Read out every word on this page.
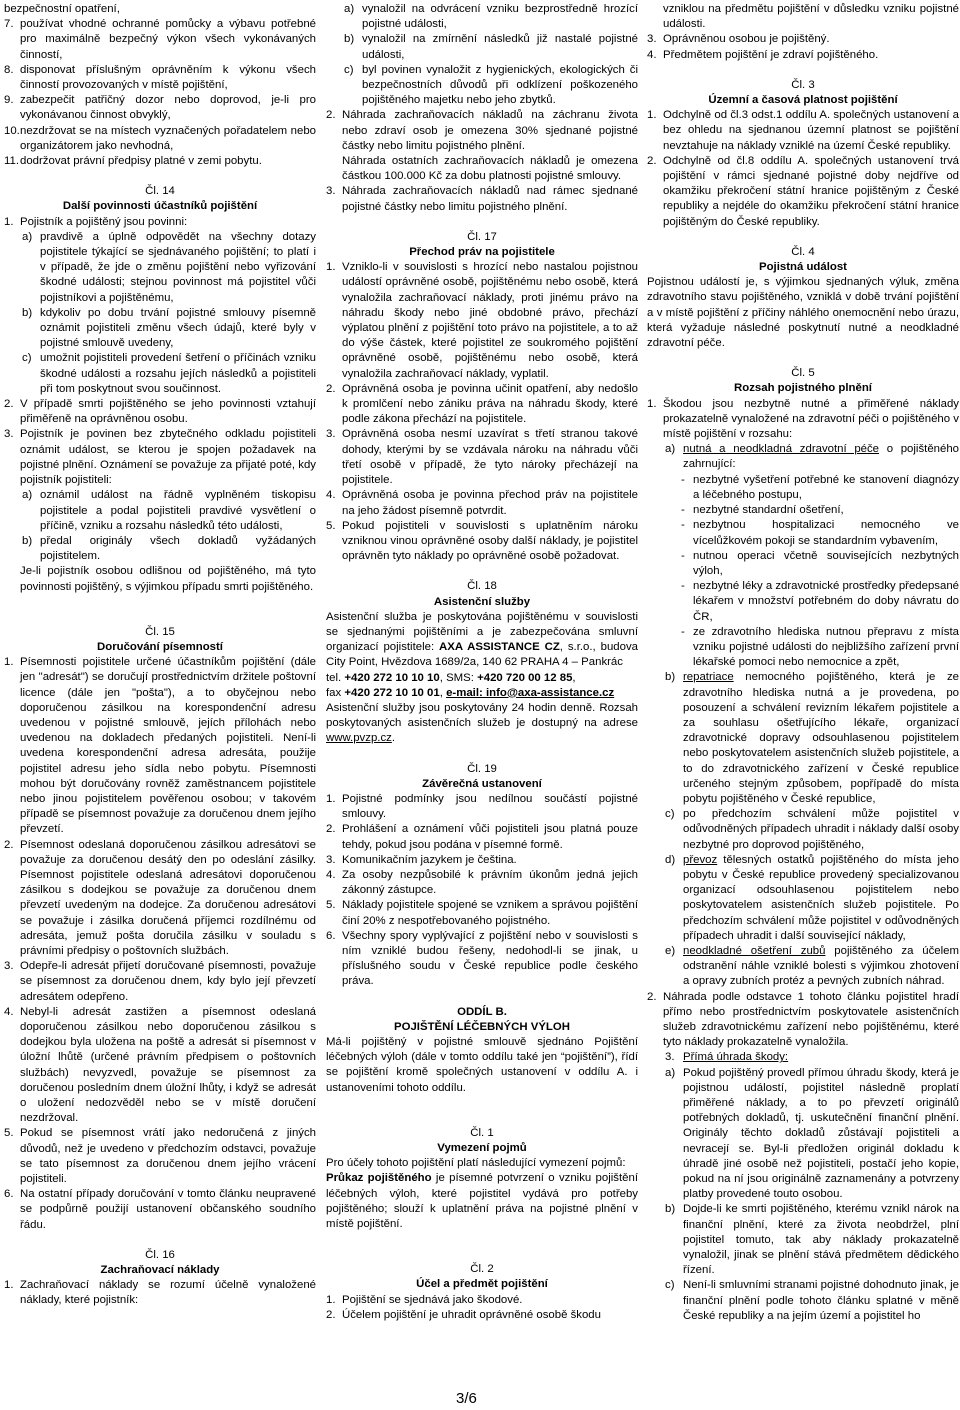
bezpečnostní opatření,

7. používat vhodné ochranné pomůcky a výbavu potřebné pro maximálně bezpečný výkon všech vykonávaných činností,
8. disponovat příslušným oprávněním k výkonu všech činností provozovaných v místě pojištění,
9. zabezpečit patřičný dozor nebo doprovod, je-li pro vykonávanou činnost obvyklý,
10. nezdržovat se na místech vyznačených pořadatelem nebo organizátorem jako nevhodná,
11. dodržovat právní předpisy platné v zemi pobytu.

Čl. 14

Další povinnosti účastníků pojištění

1. Pojistník a pojištěný jsou povinni:
a) pravdivě a úplně odpovědět na všechny dotazy pojistitele týkající se sjednávaného pojištění; to platí i v případě, že jde o změnu pojištění nebo vyřizování škodné události; stejnou povinnost má pojistitel vůči pojistníkovi a pojištěnému,
b) kdykoliv po dobu trvání pojistné smlouvy písemně oznámit pojistiteli změnu všech údajů, které byly v pojistné smlouvě uvedeny,
c) umožnit pojistiteli provedení šetření o příčinách vzniku škodné události a rozsahu jejích následků a pojistiteli při tom poskytnout svou součinnost.
2. V případě smrti pojištěného se jeho povinnosti vztahují přiměřeně na oprávněnou osobu.
3. Pojistník je povinen bez zbytečného odkladu pojistiteli oznámit událost, se kterou je spojen požadavek na pojistné plnění. Oznámení se považuje za přijaté poté, kdy pojistník pojistiteli:
a) oznámil událost na řádně vyplněném tiskopisu pojistitele a podal pojistiteli pravdivé vysvětlení o příčině, vzniku a rozsahu následků této události,
b) předal originály všech dokladů vyžádaných pojistitelem.

Je-li pojistník osobou odlišnou od pojištěného, má tyto povinnosti pojištěný, s výjimkou případu smrti pojištěného.

Čl. 15

Doručování písemností

1. Písemnosti pojistitele určené účastníkům pojištění (dále jen "adresát") se doručují prostřednictvím držitele poštovní licence (dále jen "pošta"), a to obyčejnou nebo doporučenou zásilkou na korespondenční adresu uvedenou v pojistné smlouvě, jejích přílohách nebo uvedenou na dokladech předaných pojistiteli. Není-li uvedena korespondenční adresa adresáta, použije pojistitel adresu jeho sídla nebo pobytu. Písemnosti mohou být doručovány rovněž zaměstnancem pojistitele nebo jinou pojistitelem pověřenou osobou; v takovém případě se písemnost považuje za doručenou dnem jejího převzetí.
2. Písemnost odeslaná doporučenou zásilkou adresátovi se považuje za doručenou desátý den po odeslání zásilky. Písemnost pojistitele odeslaná adresátovi doporučenou zásilkou s dodejkou se považuje za doručenou dnem převzetí uvedeným na dodejce. Za doručenou adresátovi se považuje i zásilka doručená příjemci rozdílnému od adresáta, jemuž pošta doručila zásilku v souladu s právními předpisy o poštovních službách.
3. Odepře-li adresát přijetí doručované písemnosti, považuje se písemnost za doručenou dnem, kdy bylo její převzetí adresátem odepřeno.
4. Nebyl-li adresát zastižen a písemnost odeslaná doporučenou zásilkou nebo doporučenou zásilkou s dodejkou byla uložena na poště a adresát si písemnost v úložní lhůtě (určené právním předpisem o poštovních službách) nevyzvedl, považuje se písemnost za doručenou posledním dnem úložní lhůty, i když se adresát o uložení nedozvěděl nebo se v místě doručení nezdržoval.
5. Pokud se písemnost vrátí jako nedoručená z jiných důvodů, než je uvedeno v předchozím odstavci, považuje se tato písemnost za doručenou dnem jejího vrácení pojistiteli.
6. Na ostatní případy doručování v tomto článku neupravené se podpůrně použijí ustanovení občanského soudního řádu.

Čl. 16

Zachraňovací náklady

1. Zachraňovací náklady se rozumí účelně vynaložené náklady, které pojistník:
a) vynaložil na odvrácení vzniku bezprostředně hrozící pojistné události,
b) vynaložil na zmírnění následků již nastalé pojistné události,
c) byl povinen vynaložit z hygienických, ekologických či bezpečnostních důvodů při odklízení poškozeného pojištěného majetku nebo jeho zbytků.
2. Náhrada zachraňovacích nákladů na záchranu života nebo zdraví osob je omezena 30% sjednané pojistné částky nebo limitu pojistného plnění.

Náhrada ostatních zachraňovacích nákladů je omezena částkou 100.000 Kč za dobu platnosti pojistné smlouvy.

3. Náhrada zachraňovacích nákladů nad rámec sjednané pojistné částky nebo limitu pojistného plnění.

Čl. 17

Přechod práv na pojistitele

1. Vzniklo-li v souvislosti s hrozící nebo nastalou pojistnou událostí oprávněné osobě, pojištěnému nebo osobě, která vynaložila zachraňovací náklady, proti jinému právo na náhradu škody nebo jiné obdobné právo, přechází výplatou plnění z pojištění toto právo na pojistitele, a to až do výše částek, které pojistitel ze soukromého pojištění oprávněné osobě, pojištěnému nebo osobě, která vynaložila zachraňovací náklady, vyplatil.
2. Oprávněná osoba je povinna učinit opatření, aby nedošlo k promlčení nebo zániku práva na náhradu škody, které podle zákona přechází na pojistitele.
3. Oprávněná osoba nesmí uzavírat s třetí stranou takové dohody, kterými by se vzdávala nároku na náhradu vůči třetí osobě v případě, že tyto nároky přecházejí na pojistitele.
4. Oprávněná osoba je povinna přechod práv na pojistitele na jeho žádost písemně potvrdit.
5. Pokud pojistiteli v souvislosti s uplatněním nároku vzniknou vinou oprávněné osoby další náklady, je pojistitel oprávněn tyto náklady po oprávněné osobě požadovat.

Čl. 18

Asistenční služby

Asistenční služba je poskytována pojištěnému v souvislosti se sjednanými pojištěními a je zabezpečována smluvní organizací pojistitele: AXA ASSISTANCE CZ, s.r.o., budova City Point, Hvězdova 1689/2a, 140 62 PRAHA 4 – Pankrác
tel. +420 272 10 10 10, SMS: +420 720 00 12 85,
fax +420 272 10 10 01, e-mail: info@axa-assistance.cz
Asistenční služby jsou poskytovány 24 hodin denně. Rozsah poskytovaných asistenčních služeb je dostupný na adrese www.pvzp.cz.

Čl. 19

Závěrečná ustanovení

1. Pojistné podmínky jsou nedílnou součástí pojistné smlouvy.
2. Prohlášení a oznámení vůči pojistiteli jsou platná pouze tehdy, pokud jsou podána v písemné formě.
3. Komunikačním jazykem je čeština.
4. Za osoby nezpůsobilé k právním úkonům jedná jejich zákonný zástupce.
5. Náklady pojistitele spojené se vznikem a správou pojištění činí 20% z nespotřebovaného pojistného.
6. Všechny spory vyplývající z pojištění nebo v souvislosti s ním vzniklé budou řešeny, nedohodl-li se jinak, u příslušného soudu v České republice podle českého práva.

ODDÍL B.

POJIŠTĚNÍ LÉČEBNÝCH VÝLOH

Má-li pojištěný v pojistné smlouvě sjednáno Pojištění léčebných výloh (dále v tomto oddílu také jen “pojištění”), řídí se pojištění kromě společných ustanovení v oddílu A. i ustanoveními tohoto oddílu.

Čl. 1

Vymezení pojmů

Pro účely tohoto pojištění platí následující vymezení pojmů:

Průkaz pojištěného je písemné potvrzení o vzniku pojištění léčebných výloh, které pojistitel vydává pro potřeby pojištěného; slouží k uplatnění práva na pojistné plnění v místě pojištění.

Čl. 2

Účel a předmět pojištění

1. Pojištění se sjednává jako škodové.
2. Účelem pojištění je uhradit oprávněné osobě škodu

vzniklou na předmětu pojištění v důsledku vzniku pojistné události.

3. Oprávněnou osobou je pojištěný.
4. Předmětem pojištění je zdraví pojištěného.

Čl. 3

Územní a časová platnost pojištění

1. Odchylně od čl.3 odst.1 oddílu A. společných ustanovení a bez ohledu na sjednanou územní platnost se pojištění nevztahuje na náklady vzniklé na území České republiky.
2. Odchylně od čl.8 oddílu A. společných ustanovení trvá pojištění v rámci sjednané pojistné doby nejdříve od okamžiku překročení státní hranice pojištěným z České republiky a nejdéle do okamžiku překročení státní hranice pojištěným do České republiky.

Čl. 4

Pojistná událost

Pojistnou událostí je, s výjimkou sjednaných výluk, změna zdravotního stavu pojištěného, vzniklá v době trvání pojištění a v místě pojištění z příčiny náhlého onemocnění nebo úrazu, která vyžaduje následné poskytnutí nutné a neodkladné zdravotní péče.

Čl. 5

Rozsah pojistného plnění

1. Škodou jsou nezbytně nutné a přiměřené náklady prokazatelně vynaložené na zdravotní péči o pojištěného v místě pojištění v rozsahu:
a) nutná a neodkladná zdravotní péče o pojištěného zahrnující:
- nezbytné vyšetření potřebné ke stanovení diagnózy a léčebného postupu,
- nezbytné standardní ošetření,
- nezbytnou hospitalizaci nemocného ve vícelůžkovém pokoji se standardním vybavením,
- nutnou operaci včetně souvisejících nezbytných výloh,
- nezbytné léky a zdravotnické prostředky předepsané lékařem v množství potřebném do doby návratu do ČR,
- ze zdravotního hlediska nutnou přepravu z místa vzniku pojistné události do nejbližšího zařízení první lékařské pomoci nebo nemocnice a zpět,
b) repatriace nemocného pojištěného, která je ze zdravotního hlediska nutná a je provedena, po posouzení a schválení revizním lékařem pojistitele a za souhlasu ošetřujícího lékaře, organizací zdravotnické dopravy odsouhlasenou pojistitelem nebo poskytovatelem asistenčních služeb pojistitele, a to do zdravotnického zařízení v České republice určeného stejným způsobem, popřípadě do místa pobytu pojištěného v České republice,
c) po předchozím schválení může pojistitel v odůvodněných případech uhradit i náklady další osoby nezbytné pro doprovod pojištěného,
d) převoz tělesných ostatků pojištěného do místa jeho pobytu v České republice provedený specializovanou organizací odsouhlasenou pojistitelem nebo poskytovatelem asistenčních služeb pojistitele. Po předchozím schválení může pojistitel v odůvodněných případech uhradit i další související náklady,
e) neodkladné ošetření zubů pojištěného za účelem odstranění náhle vzniklé bolesti s výjimkou zhotovení a opravy zubních protéz a pevných zubních náhrad.
2. Náhrada podle odstavce 1 tohoto článku pojistitel hradí přímo nebo prostřednictvím poskytovatele asistenčních služeb zdravotnickému zařízení nebo pojištěnému, které tyto náklady prokazatelně vynaložila.
3. Přímá úhrada škody:
a) Pokud pojištěný provedl přímou úhradu škody, která je pojistnou událostí, pojistitel následně proplatí přiměřené náklady, a to po převzetí originálů potřebných dokladů, tj. uskutečnění finanční plnění. Originály těchto dokladů zůstávají pojistiteli a nevracejí se. Byl-li předložen originál dokladu k úhradě jiné osobě než pojistiteli, postačí jeho kopie, pokud na ní jsou originálně zaznamenány a potvrzeny platby provedené touto osobou.
b) Dojde-li ke smrti pojištěného, kterému vznikl nárok na finanční plnění, které za života neobdržel, plní pojistitel tomuto, tak aby náklady prokazatelně vynaložil, jinak se plnění stává předmětem dědického řízení.
c) Není-li smluvními stranami pojistné dohodnuto jinak, je finanční plnění podle tohoto článku splatné v měně České republiky a na jejím území a pojistitel ho
3/6
